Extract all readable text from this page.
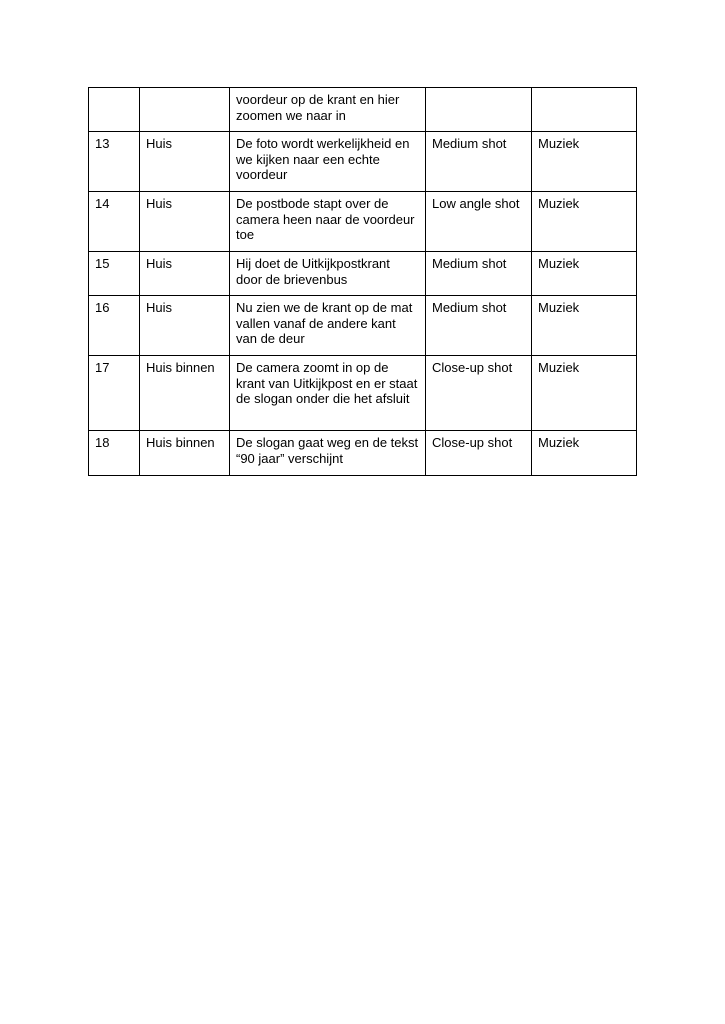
		voordeur op de krant en hier zoomen we naar in		
13	Huis	De foto wordt werkelijkheid en we kijken naar een echte voordeur	Medium shot	Muziek
14	Huis	De postbode stapt over de camera heen naar de voordeur toe	Low angle shot	Muziek
15	Huis	Hij doet de Uitkijkpostkrant door de brievenbus	Medium shot	Muziek
16	Huis	Nu zien we de krant op de mat vallen vanaf de andere kant van de deur	Medium shot	Muziek
17	Huis binnen	De camera zoomt in op de krant van Uitkijkpost en er staat de slogan onder die het afsluit	Close-up shot	Muziek
18	Huis binnen	De slogan gaat weg en de tekst “90 jaar” verschijnt	Close-up shot	Muziek
